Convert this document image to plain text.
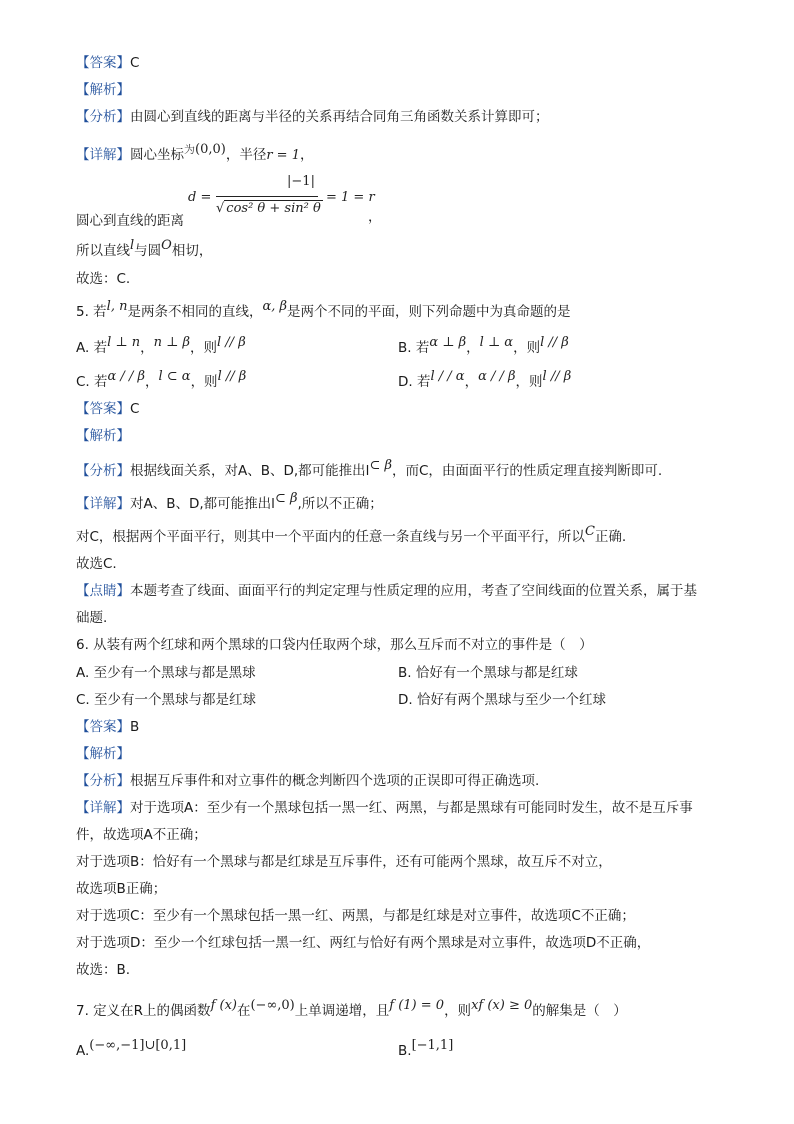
【答案】C
【解析】
【分析】由圆心到直线的距离与半径的关系再结合同角三角函数关系计算即可；
【详解】圆心坐标$^为$(0,0)，半径r = 1，
d =
|−1|
√ cos² θ + sin² θ
= 1 = r
圆心到直线的距离	，
所以直线l与圆O相切，
故选：C.
5. 若l, n是两条不相同的直线，α, β是两个不同的平面，则下列命题中为真命题的是
A. 若l ⊥ n，n ⊥ β，则l // β	B. 若α ⊥ β，l ⊥ α，则l // β
C. 若α / / β，l ⊂ α，则l // β	D. 若l / / α，α / / β，则l // β
【答案】C
【解析】
【分析】根据线面关系，对A、B、D,都可能推出l⊂ β，而C，由面面平行的性质定理直接判断即可.
【详解】对A、B、D,都可能推出l⊂ β,所以不正确；
对C，根据两个平面平行，则其中一个平面内的任意一条直线与另一个平面平行，所以C正确.
故选C.
【点睛】本题考查了线面、面面平行的判定定理与性质定理的应用，考查了空间线面的位置关系，属于基
础题.
6. 从装有两个红球和两个黑球的口袋内任取两个球，那么互斥而不对立的事件是（　）
A. 至少有一个黑球与都是黑球	B. 恰好有一个黑球与都是红球
C. 至少有一个黑球与都是红球	D. 恰好有两个黑球与至少一个红球
【答案】B
【解析】
【分析】根据互斥事件和对立事件的概念判断四个选项的正误即可得正确选项.
【详解】对于选项A：至少有一个黑球包括一黑一红、两黑，与都是黑球有可能同时发生，故不是互斥事
件，故选项A不正确；
对于选项B：恰好有一个黑球与都是红球是互斥事件，还有可能两个黑球，故互斥不对立，
故选项B正确；
对于选项C：至少有一个黑球包括一黑一红、两黑，与都是红球是对立事件，故选项C不正确；
对于选项D：至少一个红球包括一黑一红、两红与恰好有两个黑球是对立事件，故选项D不正确，
故选：B.
7. 定义在R上的偶函数f (x)在(−∞,0)上单调递增，且f (1) = 0，则xf (x) ≥ 0的解集是（　）
A.(−∞,−1]∪[0,1]	B.[−1,1]
